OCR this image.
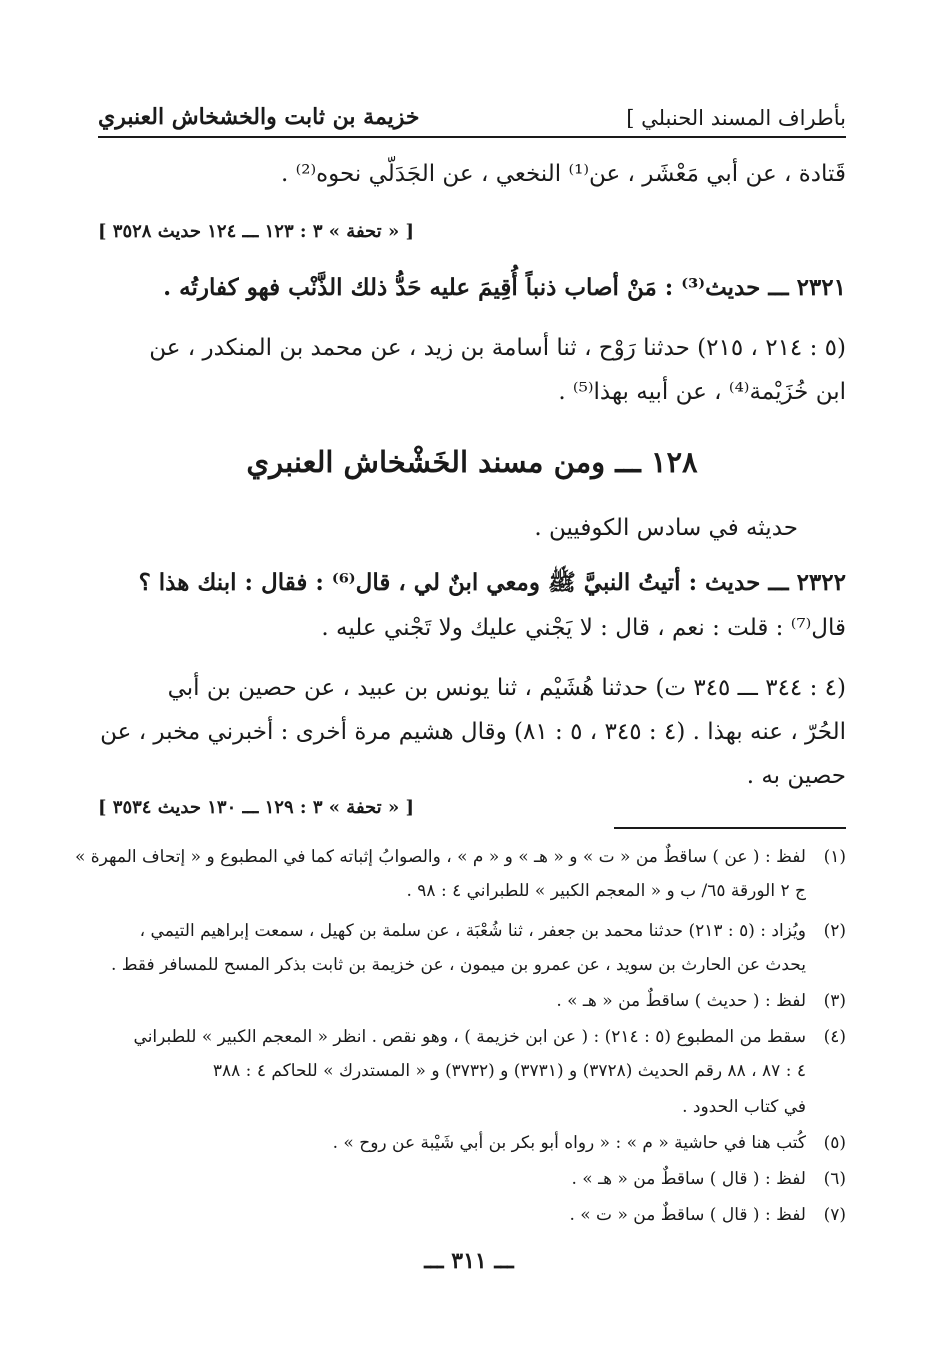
بأطراف المسند الحنبلي ]
خزيمة بن ثابت والخشخاش العنبري
قَتادة ، عن أبي مَعْشَر ، عن⁽¹⁾ النخعي ، عن الجَدَلّي نحوه⁽²⁾ .
[ « تحفة » ٣ : ١٢٣ ـــ ١٢٤ حديث ٣٥٢٨ ]
٢٣٢١ ـــ حديث⁽³⁾ : مَنْ أصاب ذنباً أُقِيمَ عليه حَدُّ ذلك الذَّنْب فهو كفارتُه .
(٥ : ٢١٤ ، ٢١٥) حدثنا رَوْح ، ثنا أسامة بن زيد ، عن محمد بن المنكدر ، عن
ابن خُزَيْمة⁽⁴⁾ ، عن أبيه بهذا⁽⁵⁾ .
١٢٨ ـــ ومن مسند الخَشْخاش العنبري
حديثه في سادس الكوفيين .
٢٣٢٢ ـــ حديث : أتيتُ النبيَّ ﷺ ومعي ابنٌ لي ، قال⁽⁶⁾ : فقال : ابنك هذا ؟
قال⁽⁷⁾ : قلت : نعم ، قال : لا يَجْني عليك ولا تَجْني عليه .
(٤ : ٣٤٤ ـــ ٣٤٥ ت) حدثنا هُشَيْم ، ثنا يونس بن عبيد ، عن حصين بن أبي
الحُرّ ، عنه بهذا . (٤ : ٣٤٥ ، ٥ : ٨١) وقال هشيم مرة أخرى : أخبرني مخبر ، عن
حصين به .
[ « تحفة » ٣ : ١٢٩ ـــ ١٣٠ حديث ٣٥٣٤ ]
(١)لفظ : ( عن ) ساقطٌ من « ت » و « هـ » و « م » ، والصوابُ إثباته كما في المطبوع و « إتحاف المهرة »
ج ٢ الورقة ٦٥/ ب و « المعجم الكبير » للطبراني ٤ : ٩٨ .
(٢)ويُزاد : (٥ : ٢١٣) حدثنا محمد بن جعفر ، ثنا شُعْبَة ، عن سلمة بن كهيل ، سمعت إبراهيم التيمي ،
يحدث عن الحارث بن سويد ، عن عمرو بن ميمون ، عن خزيمة بن ثابت بذكر المسح للمسافر فقط .
(٣)لفظ : ( حديث ) ساقطٌ من « هـ » .
(٤)سقط من المطبوع (٥ : ٢١٤) : ( عن ابن خزيمة ) ، وهو نقص . انظر « المعجم الكبير » للطبراني
٤ : ٨٧ ، ٨٨ رقم الحديث (٣٧٢٨) و (٣٧٣١) و (٣٧٣٢) و « المستدرك » للحاكم ٤ : ٣٨٨
في كتاب الحدود .
(٥)كُتب هنا في حاشية « م » : « رواه أبو بكر بن أبي شَيْبة عن روح » .
(٦)لفظ : ( قال ) ساقطٌ من « هـ » .
(٧)لفظ : ( قال ) ساقطٌ من « ت » .
ـــ ٣١١ ـــ
